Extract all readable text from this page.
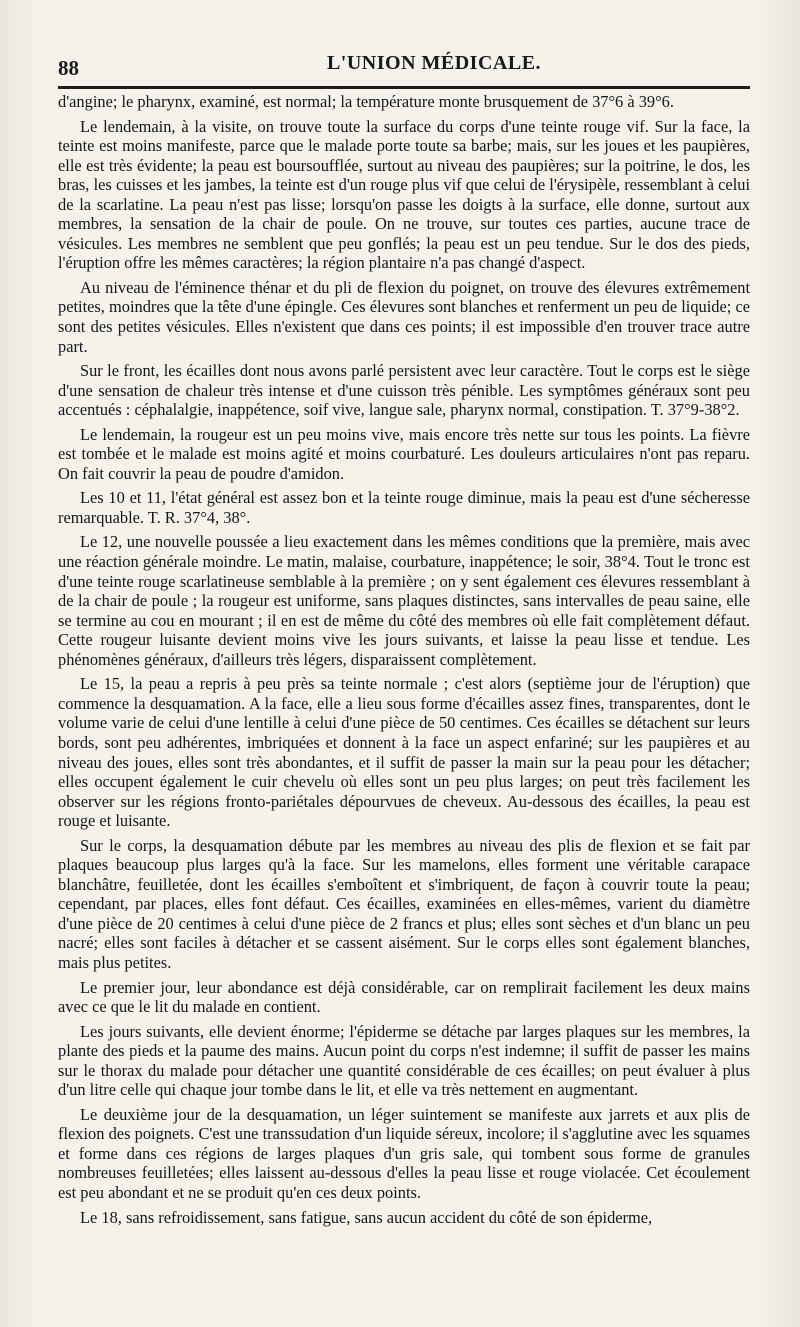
88	L'UNION MÉDICALE.

d'angine; le pharynx, examiné, est normal; la température monte brusquement de 37°6 à 39°6.

Le lendemain, à la visite, on trouve toute la surface du corps d'une teinte rouge vif. Sur la face, la teinte est moins manifeste, parce que le malade porte toute sa barbe; mais, sur les joues et les paupières, elle est très évidente; la peau est boursoufflée, surtout au niveau des paupières; sur la poitrine, le dos, les bras, les cuisses et les jambes, la teinte est d'un rouge plus vif que celui de l'érysipèle, ressemblant à celui de la scarlatine. La peau n'est pas lisse; lorsqu'on passe les doigts à la surface, elle donne, surtout aux membres, la sensation de la chair de poule. On ne trouve, sur toutes ces parties, aucune trace de vésicules. Les membres ne semblent que peu gonflés; la peau est un peu tendue. Sur le dos des pieds, l'éruption offre les mêmes caractères; la région plantaire n'a pas changé d'aspect.

Au niveau de l'éminence thénar et du pli de flexion du poignet, on trouve des élevures extrêmement petites, moindres que la tête d'une épingle. Ces élevures sont blanches et renferment un peu de liquide; ce sont des petites vésicules. Elles n'existent que dans ces points; il est impossible d'en trouver trace autre part.

Sur le front, les écailles dont nous avons parlé persistent avec leur caractère. Tout le corps est le siège d'une sensation de chaleur très intense et d'une cuisson très pénible. Les symptômes généraux sont peu accentués : céphalalgie, inappétence, soif vive, langue sale, pharynx normal, constipation. T. 37°9-38°2.

Le lendemain, la rougeur est un peu moins vive, mais encore très nette sur tous les points. La fièvre est tombée et le malade est moins agité et moins courbaturé. Les douleurs articulaires n'ont pas reparu. On fait couvrir la peau de poudre d'amidon.

Les 10 et 11, l'état général est assez bon et la teinte rouge diminue, mais la peau est d'une sécheresse remarquable. T. R. 37°4, 38°.

Le 12, une nouvelle poussée a lieu exactement dans les mêmes conditions que la première, mais avec une réaction générale moindre. Le matin, malaise, courbature, inappétence; le soir, 38°4. Tout le tronc est d'une teinte rouge scarlatineuse semblable à la première ; on y sent également ces élevures ressemblant à de la chair de poule ; la rougeur est uniforme, sans plaques distinctes, sans intervalles de peau saine, elle se termine au cou en mourant ; il en est de même du côté des membres où elle fait complètement défaut. Cette rougeur luisante devient moins vive les jours suivants, et laisse la peau lisse et tendue. Les phénomènes généraux, d'ailleurs très légers, disparaissent complètement.

Le 15, la peau a repris à peu près sa teinte normale ; c'est alors (septième jour de l'éruption) que commence la desquamation. A la face, elle a lieu sous forme d'écailles assez fines, transparentes, dont le volume varie de celui d'une lentille à celui d'une pièce de 50 centimes. Ces écailles se détachent sur leurs bords, sont peu adhérentes, imbriquées et donnent à la face un aspect enfariné; sur les paupières et au niveau des joues, elles sont très abondantes, et il suffit de passer la main sur la peau pour les détacher; elles occupent également le cuir chevelu où elles sont un peu plus larges; on peut très facilement les observer sur les régions fronto-pariétales dépourvues de cheveux. Au-dessous des écailles, la peau est rouge et luisante.

Sur le corps, la desquamation débute par les membres au niveau des plis de flexion et se fait par plaques beaucoup plus larges qu'à la face. Sur les mamelons, elles forment une véritable carapace blanchâtre, feuilletée, dont les écailles s'emboîtent et s'imbriquent, de façon à couvrir toute la peau; cependant, par places, elles font défaut. Ces écailles, examinées en elles-mêmes, varient du diamètre d'une pièce de 20 centimes à celui d'une pièce de 2 francs et plus; elles sont sèches et d'un blanc un peu nacré; elles sont faciles à détacher et se cassent aisément. Sur le corps elles sont également blanches, mais plus petites.

Le premier jour, leur abondance est déjà considérable, car on remplirait facilement les deux mains avec ce que le lit du malade en contient.

Les jours suivants, elle devient énorme; l'épiderme se détache par larges plaques sur les membres, la plante des pieds et la paume des mains. Aucun point du corps n'est indemne; il suffit de passer les mains sur le thorax du malade pour détacher une quantité considérable de ces écailles; on peut évaluer à plus d'un litre celle qui chaque jour tombe dans le lit, et elle va très nettement en augmentant.

Le deuxième jour de la desquamation, un léger suintement se manifeste aux jarrets et aux plis de flexion des poignets. C'est une transsudation d'un liquide séreux, incolore; il s'agglutine avec les squames et forme dans ces régions de larges plaques d'un gris sale, qui tombent sous forme de granules nombreuses feuilletées; elles laissent au-dessous d'elles la peau lisse et rouge violacée. Cet écoulement est peu abondant et ne se produit qu'en ces deux points.

Le 18, sans refroidissement, sans fatigue, sans aucun accident du côté de son épiderme,
